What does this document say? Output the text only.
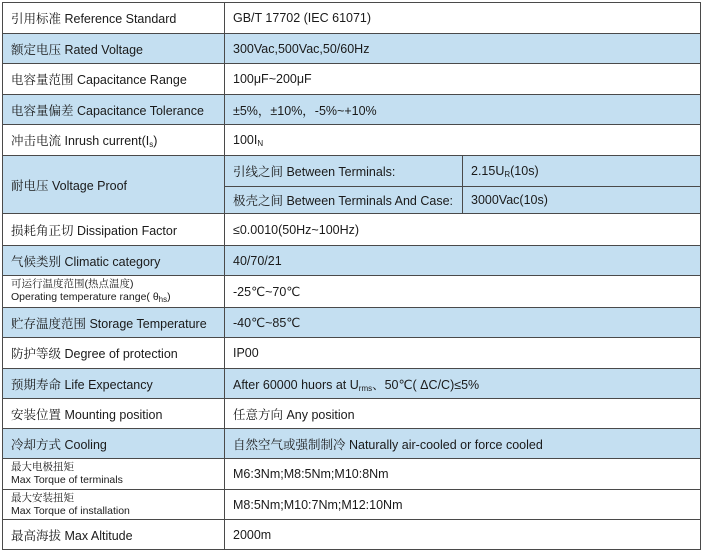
引用标准 Reference Standard	GB/T 17702 (IEC 61071)	
额定电压 Rated Voltage	300Vac,500Vac,50/60Hz	
电容量范围 Capacitance Range	100μF~200μF	
电容量偏差 Capacitance Tolerance	±5%，±10%，-5%~+10%	
冲击电流 Inrush $current(I_s)$	$100I_N$
耐电压 Voltage Proof	引线之间 Between Terminals:	$2.15U_R(10s)$
	极壳之间 Between Terminals And Case:	3000Vac(10s)
损耗角正切 Dissipation Factor	≤0.0010(50Hz~100Hz)	
气候类别 Climatic category	40/70/21	

可运行温度范围(热点温度)
Operating temperature range( $\theta_{hs}$)	-25℃~70℃	
贮存温度范围 Storage Temperature	-40℃~85℃	
防护等级 Degree of protection	IP00	
预期寿命 Life Expectancy	After 60000 huors at $U_{rms}$、50℃( ΔC/C)≤5%	
安装位置 Mounting position	任意方向 Any position	
冷却方式 Cooling	自然空气或强制制冷 Naturally air-cooled or force cooled	

最大电极扭矩
Max Torque of terminals	M6:3Nm;M8:5Nm;M10:8Nm	

最大安装扭矩
Max Torque of installation	M8:5Nm;M10:7Nm;M12:10Nm	
最高海拔 Max Altitude	2000m	
